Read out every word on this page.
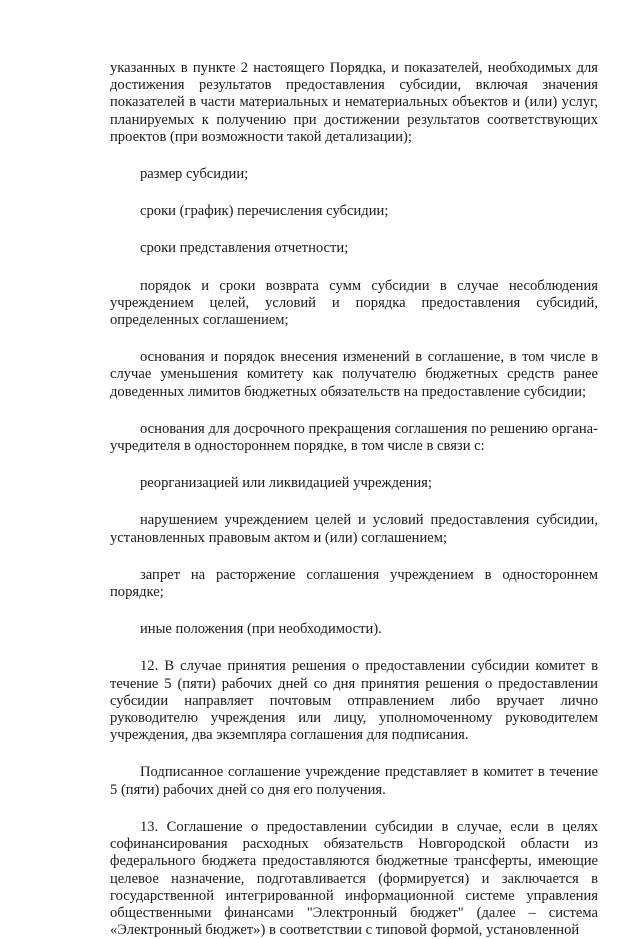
указанных в пункте 2 настоящего Порядка, и показателей, необходимых для достижения результатов предоставления субсидии, включая значения показателей в части материальных и нематериальных объектов и (или) услуг, планируемых к получению при достижении результатов соответствующих проектов (при возможности такой детализации);

размер субсидии;

сроки (график) перечисления субсидии;

сроки представления отчетности;

порядок и сроки возврата сумм субсидии в случае несоблюдения учреждением целей, условий и порядка предоставления субсидий, определенных соглашением;

основания и порядок внесения изменений в соглашение, в том числе в случае уменьшения комитету как получателю бюджетных средств ранее доведенных лимитов бюджетных обязательств на предоставление субсидии;

основания для досрочного прекращения соглашения по решению органа-учредителя в одностороннем порядке, в том числе в связи с:

реорганизацией или ликвидацией учреждения;

нарушением учреждением целей и условий предоставления субсидии, установленных правовым актом и (или) соглашением;

запрет на расторжение соглашения учреждением в одностороннем порядке;

иные положения (при необходимости).

12. В случае принятия решения о предоставлении субсидии комитет в течение 5 (пяти) рабочих дней со дня принятия решения о предоставлении субсидии направляет почтовым отправлением либо вручает лично руководителю учреждения или лицу, уполномоченному руководителем учреждения, два экземпляра соглашения для подписания.

Подписанное соглашение учреждение представляет в комитет в течение 5 (пяти) рабочих дней со дня его получения.

13. Соглашение о предоставлении субсидии в случае, если в целях софинансирования расходных обязательств Новгородской области из федерального бюджета предоставляются бюджетные трансферты, имеющие целевое назначение, подготавливается (формируется) и заключается в государственной интегрированной информационной системе управления общественными финансами "Электронный бюджет" (далее – система «Электронный бюджет») в соответствии с типовой формой, установленной
